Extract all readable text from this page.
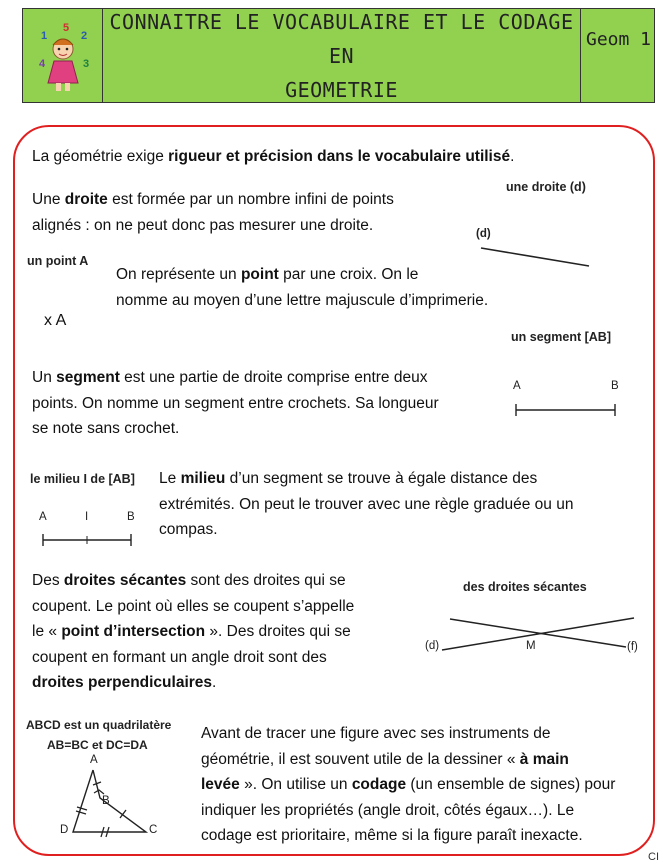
1
5
2
4	3
CONNAITRE LE VOCABULAIRE ET LE CODAGE EN
GEOMETRIE
Geom 1
La géométrie exige rigueur et précision dans le vocabulaire utilisé.
Une droite est formée par un nombre infini de points
alignés : on ne peut donc pas mesurer une droite.
une droite (d)
(d)
un point A
x A
On représente un point par une croix. On le
nomme au moyen d’une lettre majuscule d’imprimerie.
un segment [AB]
A	B
Un segment est une partie de droite comprise entre deux
points. On nomme un segment entre crochets. Sa longueur
se note sans crochet.
le milieu I de [AB]
A	I	B
Le milieu d’un segment se trouve à égale distance des
extrémités. On peut le trouver avec une règle graduée ou un
compas.
Des droites sécantes sont des droites qui se
coupent. Le point où elles se coupent s’appelle
le « point d’intersection ». Des droites qui se
coupent en formant un angle droit sont des
droites perpendiculaires.
des droites sécantes
(d)	M	(f)
ABCD est un quadrilatère
AB=BC et DC=DA
A
B
D	C
Avant de tracer une figure avec ses instruments de
géométrie, il est souvent utile de la dessiner « à main
levée ». On utilise un codage (un ensemble de signes) pour
indiquer les propriétés (angle droit, côtés égaux…). Le
codage est prioritaire, même si la figure paraît inexacte.
CI
